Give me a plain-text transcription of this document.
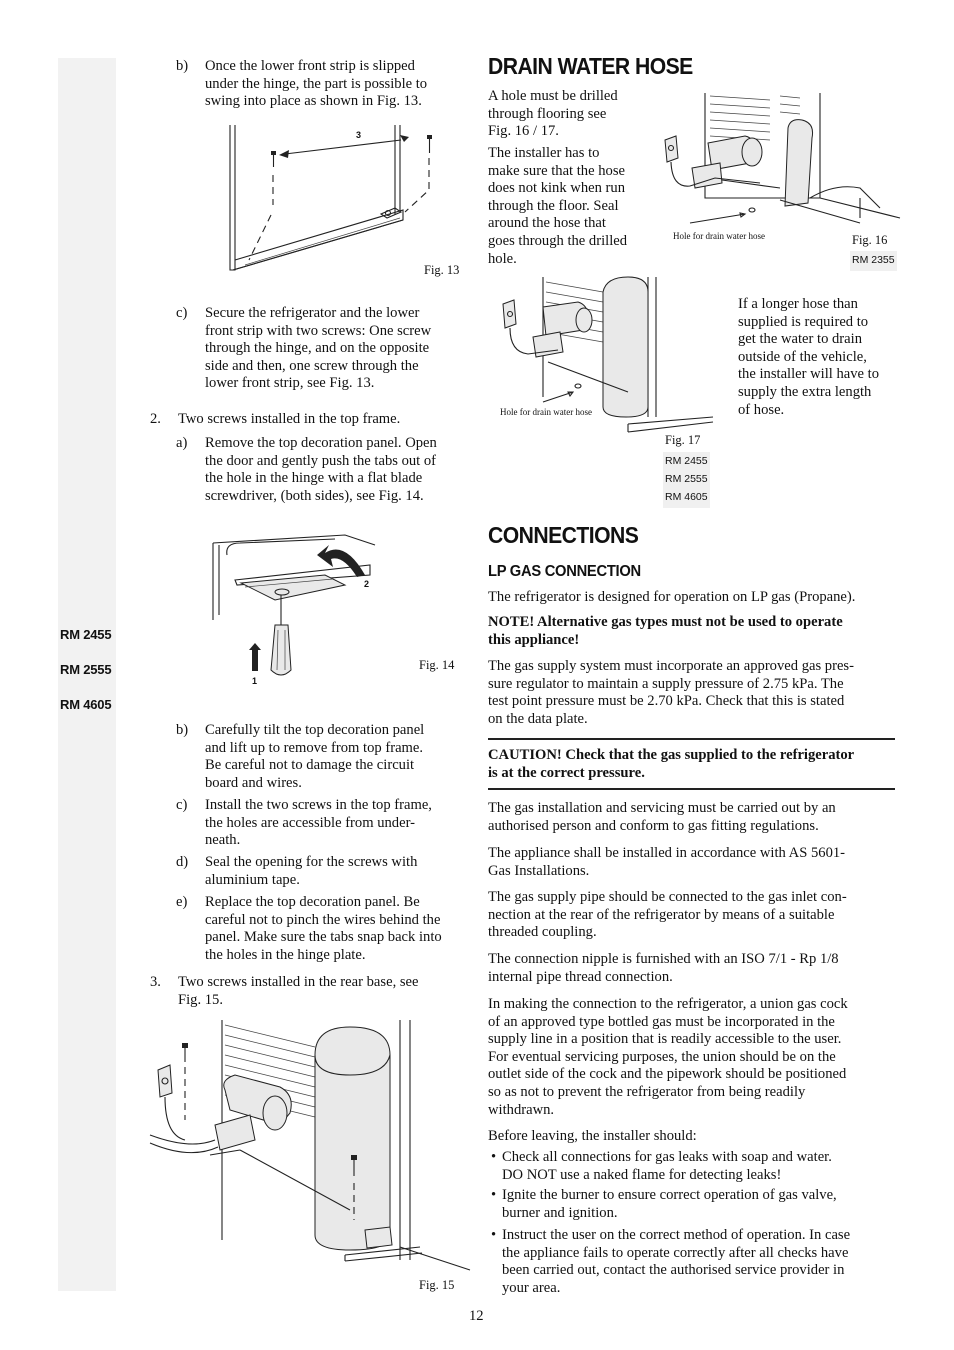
RM 2455
RM 2555
RM 4605
b) Once the lower front strip is slipped
under the hinge, the part is possible to
swing into place as shown in Fig. 13.
3
Fig. 13
c) Secure the refrigerator and the lower
front strip with two screws: One screw
through the hinge, and on the opposite
side and then, one screw through the
lower front strip, see Fig. 13.
2. Two screws installed in the top frame.
a) Remove the top decoration panel. Open
the door and gently push the tabs out of
the hole in the hinge with a flat blade
screwdriver, (both sides), see Fig. 14.
2
1
Fig. 14
b) Carefully tilt the top decoration panel
and lift up to remove from top frame.
Be careful not to damage the circuit
board and wires.
c) Install the two screws in the top frame,
the holes are accessible from under-
neath.
d) Seal the opening for the screws with
aluminium tape.
e) Replace the top decoration panel. Be
careful not to pinch the wires behind the
panel. Make sure the tabs snap back into
the holes in the hinge plate.
3. Two screws installed in the rear base, see
Fig. 15.
Fig. 15
DRAIN WATER HOSE
A hole must be drilled
through flooring see
Fig. 16 / 17.
The installer has to
make sure that the hose
does not kink when run
through the floor. Seal
around the hose that
goes through the drilled
hole.
Hole for drain water hose	Fig. 16
RM 2355
Hole for drain water hose
Fig. 17
RM 2455
RM 2555
RM 4605
If a longer hose than
supplied is required to
get the water to drain
outside of the vehicle,
the installer will have to
supply the extra length
of hose.
CONNECTIONS
LP GAS CONNECTION
The refrigerator is designed for operation on LP gas (Propane).
NOTE! Alternative gas types must not be used to operate
this appliance!
The gas supply system must incorporate an approved gas pres-
sure regulator to maintain a supply pressure of 2.75 kPa. The
test point pressure must be 2.70 kPa. Check that this is stated
on the data plate.
CAUTION! Check that the gas supplied to the refrigerator
is at the correct pressure.
The gas installation and servicing must be carried out by an
authorised person and conform to gas fitting regulations.
The appliance shall be installed in accordance with AS 5601-
Gas Installations.
The gas supply pipe should be connected to the gas inlet con-
nection at the rear of the refrigerator by means of a suitable
threaded coupling.
The connection nipple is furnished with an ISO 7/1 - Rp 1/8
internal pipe thread connection.
In making the connection to the refrigerator, a union gas cock
of an approved type bottled gas must be incorporated in the
supply line in a position that is readily accessible to the user.
For eventual servicing purposes, the union should be on the
outlet side of the cock and the pipework should be positioned
so as not to prevent the refrigerator from being readily
withdrawn.
Before leaving, the installer should:
• Check all connections for gas leaks with soap and water.
DO NOT use a naked flame for detecting leaks!
• Ignite the burner to ensure correct operation of gas valve,
burner and ignition.
• Instruct the user on the correct method of operation. In case
the appliance fails to operate correctly after all checks have
been carried out, contact the authorised service provider in
your area.
12
